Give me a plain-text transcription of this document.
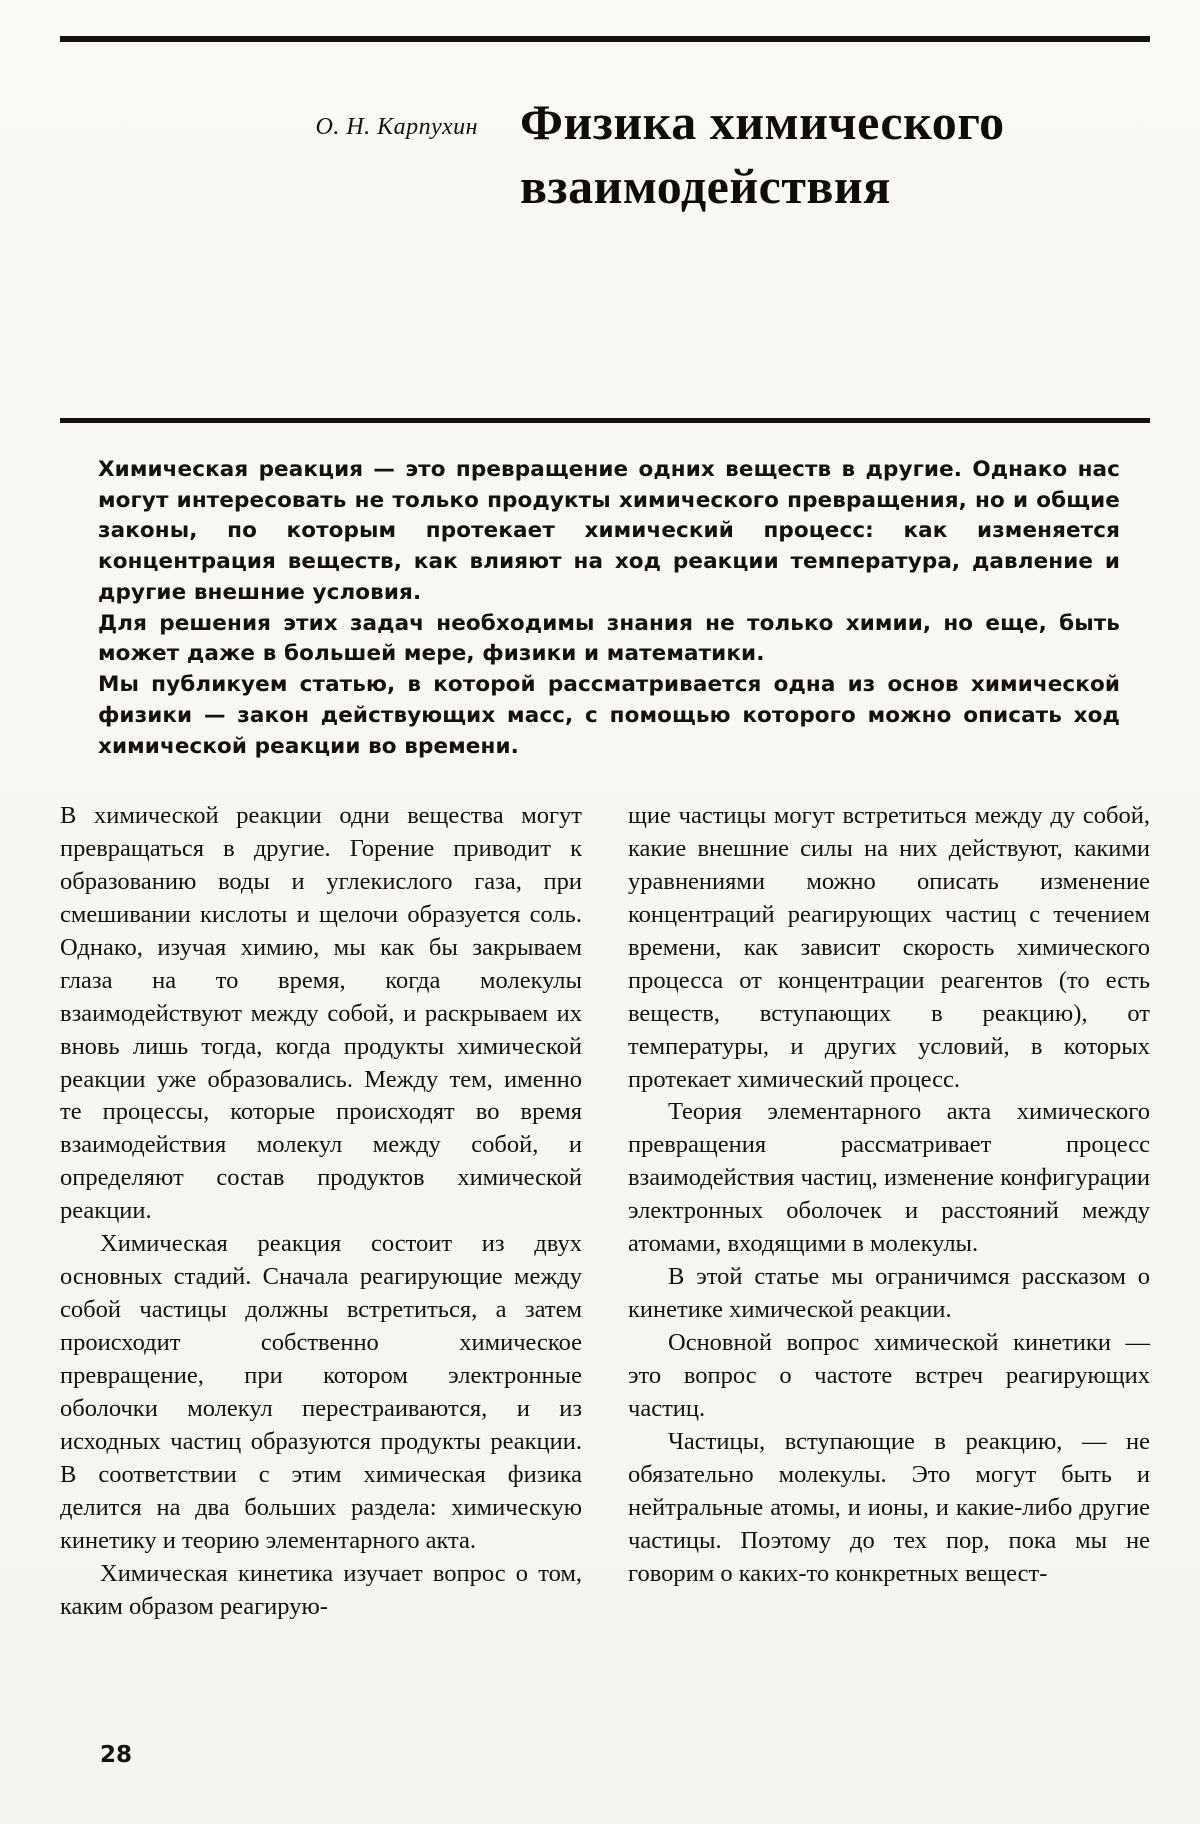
О. Н. Карпухин Физика химического взаимодействия

Химическая реакция — это превращение одних веществ в другие. Однако нас могут интересовать не только продукты химического превращения, но и общие законы, по которым протекает химический процесс: как изменяется концентрация веществ, как влияют на ход реакции температура, давление и другие внешние условия.

Для решения этих задач необходимы знания не только химии, но еще, быть может даже в большей мере, физики и математики.

Мы публикуем статью, в которой рассматривается одна из основ химической физики — закон действующих масс, с помощью которого можно описать ход химической реакции во времени.

В химической реакции одни вещества могут превращаться в другие. Горение приводит к образованию воды и углекислого газа, при смешивании кислоты и щелочи образуется соль. Однако, изучая химию, мы как бы закрываем глаза на то время, когда молекулы взаимодействуют между собой, и раскрываем их вновь лишь тогда, когда продукты химической реакции уже образовались. Между тем, именно те процессы, которые происходят во время взаимодействия молекул между собой, и определяют состав продуктов химической реакции.

Химическая реакция состоит из двух основных стадий. Сначала реагирующие между собой частицы должны встретиться, а затем происходит собственно химическое превращение, при котором электронные оболочки молекул перестраиваются, и из исходных частиц образуются продукты реакции. В соответствии с этим химическая физика делится на два больших раздела: химическую кинетику и теорию элементарного акта.

Химическая кинетика изучает вопрос о том, каким образом реагирую-

щие частицы могут встретиться между ду собой, какие внешние силы на них действуют, какими уравнениями можно описать изменение концентраций реагирующих частиц с течением времени, как зависит скорость химического процесса от концентрации реагентов (то есть веществ, вступающих в реакцию), от температуры, и других условий, в которых протекает химический процесс.

Теория элементарного акта химического превращения рассматривает процесс взаимодействия частиц, изменение конфигурации электронных оболочек и расстояний между атомами, входящими в молекулы.

В этой статье мы ограничимся рассказом о кинетике химической реакции.

Основной вопрос химической кинетики — это вопрос о частоте встреч реагирующих частиц.

Частицы, вступающие в реакцию, — не обязательно молекулы. Это могут быть и нейтральные атомы, и ионы, и какие-либо другие частицы. Поэтому до тех пор, пока мы не говорим о каких-то конкретных вещест-

28
